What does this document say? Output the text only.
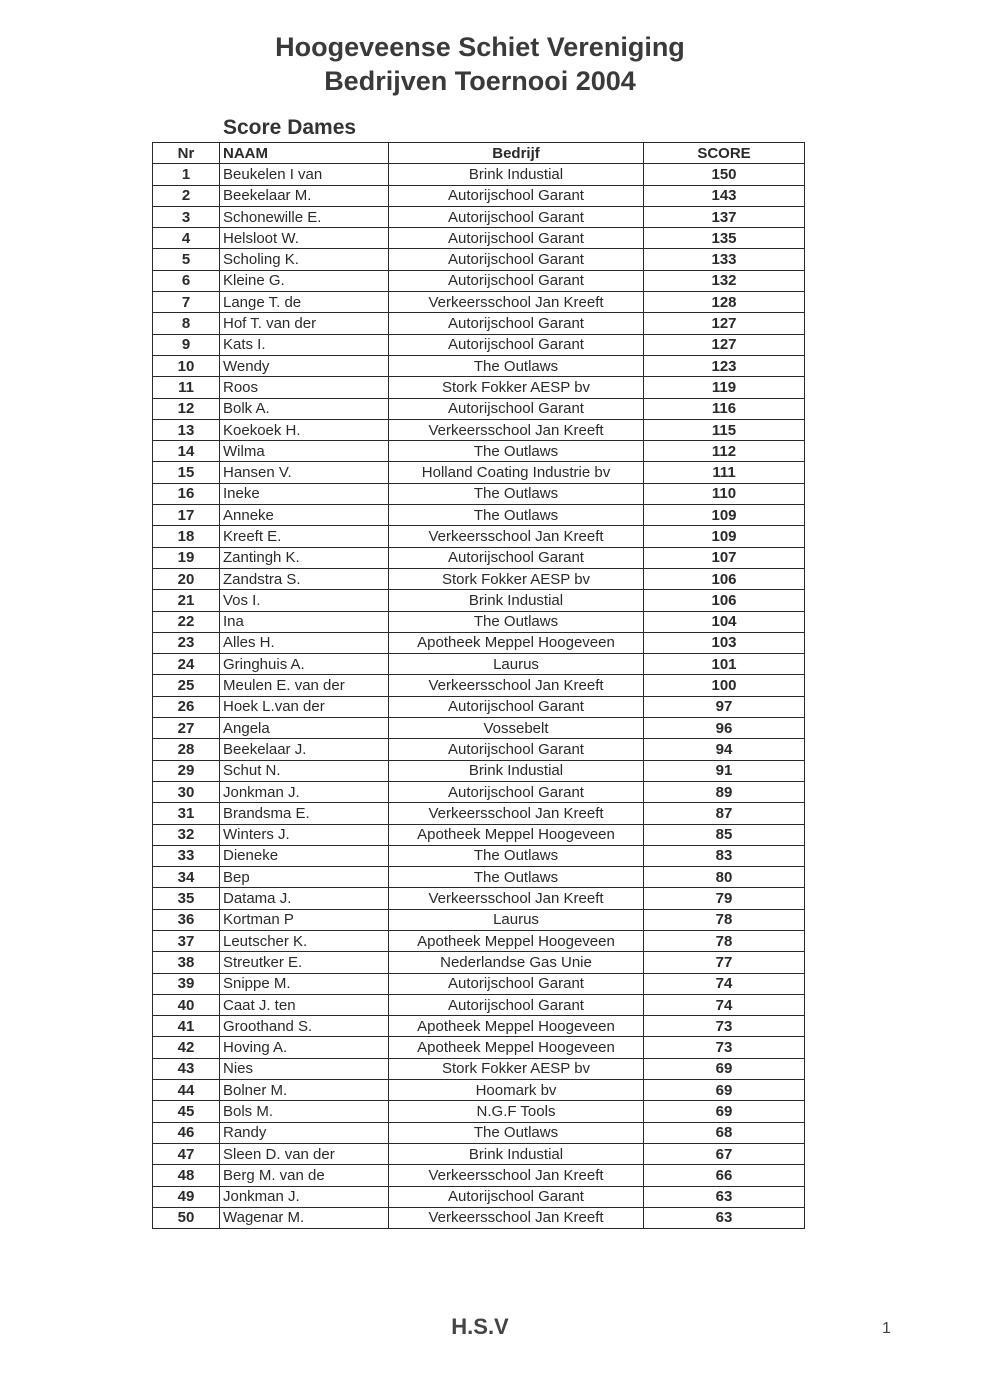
Hoogeveense Schiet Vereniging
Bedrijven Toernooi 2004
Score Dames
Nr	NAAM	Bedrijf	SCORE
1	Beukelen I van	Brink Industial	150
2	Beekelaar M.	Autorijschool Garant	143
3	Schonewille E.	Autorijschool Garant	137
4	Helsloot W.	Autorijschool Garant	135
5	Scholing K.	Autorijschool Garant	133
6	Kleine G.	Autorijschool Garant	132
7	Lange T. de	Verkeersschool Jan Kreeft	128
8	Hof T. van der	Autorijschool Garant	127
9	Kats I.	Autorijschool Garant	127
10	Wendy	The Outlaws	123
11	Roos	Stork Fokker AESP bv	119
12	Bolk A.	Autorijschool Garant	116
13	Koekoek H.	Verkeersschool Jan Kreeft	115
14	Wilma	The Outlaws	112
15	Hansen V.	Holland Coating Industrie bv	111
16	Ineke	The Outlaws	110
17	Anneke	The Outlaws	109
18	Kreeft E.	Verkeersschool Jan Kreeft	109
19	Zantingh K.	Autorijschool Garant	107
20	Zandstra S.	Stork Fokker AESP bv	106
21	Vos I.	Brink Industial	106
22	Ina	The Outlaws	104
23	Alles H.	Apotheek Meppel Hoogeveen	103
24	Gringhuis A.	Laurus	101
25	Meulen E. van der	Verkeersschool Jan Kreeft	100
26	Hoek L.van der	Autorijschool Garant	97
27	Angela	Vossebelt	96
28	Beekelaar J.	Autorijschool Garant	94
29	Schut N.	Brink Industial	91
30	Jonkman J.	Autorijschool Garant	89
31	Brandsma E.	Verkeersschool Jan Kreeft	87
32	Winters J.	Apotheek Meppel Hoogeveen	85
33	Dieneke	The Outlaws	83
34	Bep	The Outlaws	80
35	Datama J.	Verkeersschool Jan Kreeft	79
36	Kortman P	Laurus	78
37	Leutscher K.	Apotheek Meppel Hoogeveen	78
38	Streutker E.	Nederlandse Gas Unie	77
39	Snippe M.	Autorijschool Garant	74
40	Caat J. ten	Autorijschool Garant	74
41	Groothand S.	Apotheek Meppel Hoogeveen	73
42	Hoving A.	Apotheek Meppel Hoogeveen	73
43	Nies	Stork Fokker AESP bv	69
44	Bolner M.	Hoomark bv	69
45	Bols M.	N.G.F Tools	69
46	Randy	The Outlaws	68
47	Sleen D. van der	Brink Industial	67
48	Berg M. van de	Verkeersschool Jan Kreeft	66
49	Jonkman J.	Autorijschool Garant	63
50	Wagenar M.	Verkeersschool Jan Kreeft	63
H.S.V	1
